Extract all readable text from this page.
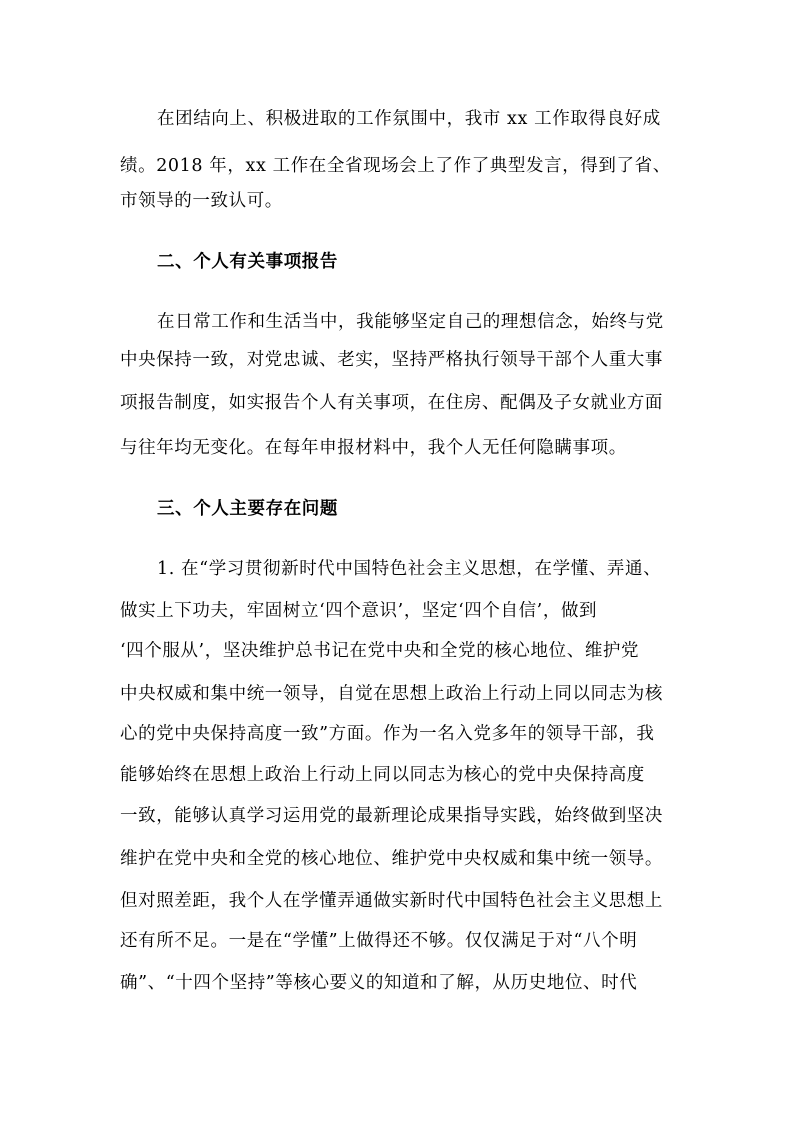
在团结向上、积极进取的工作氛围中，我市 xx 工作取得良好成
绩。2018 年，xx 工作在全省现场会上了作了典型发言，得到了省、
市领导的一致认可。
二、个人有关事项报告
在日常工作和生活当中，我能够坚定自己的理想信念，始终与党
中央保持一致，对党忠诚、老实，坚持严格执行领导干部个人重大事
项报告制度，如实报告个人有关事项，在住房、配偶及子女就业方面
与往年均无变化。在每年申报材料中，我个人无任何隐瞒事项。
三、个人主要存在问题
1. 在“学习贯彻新时代中国特色社会主义思想，在学懂、弄通、
做实上下功夫，牢固树立‘四个意识’，坚定‘四个自信’，做到
‘四个服从’，坚决维护总书记在党中央和全党的核心地位、维护党
中央权威和集中统一领导，自觉在思想上政治上行动上同以同志为核
心的党中央保持高度一致”方面。作为一名入党多年的领导干部，我
能够始终在思想上政治上行动上同以同志为核心的党中央保持高度
一致，能够认真学习运用党的最新理论成果指导实践，始终做到坚决
维护在党中央和全党的核心地位、维护党中央权威和集中统一领导。
但对照差距，我个人在学懂弄通做实新时代中国特色社会主义思想上
还有所不足。一是在“学懂”上做得还不够。仅仅满足于对“八个明
确”、“十四个坚持”等核心要义的知道和了解，从历史地位、时代
